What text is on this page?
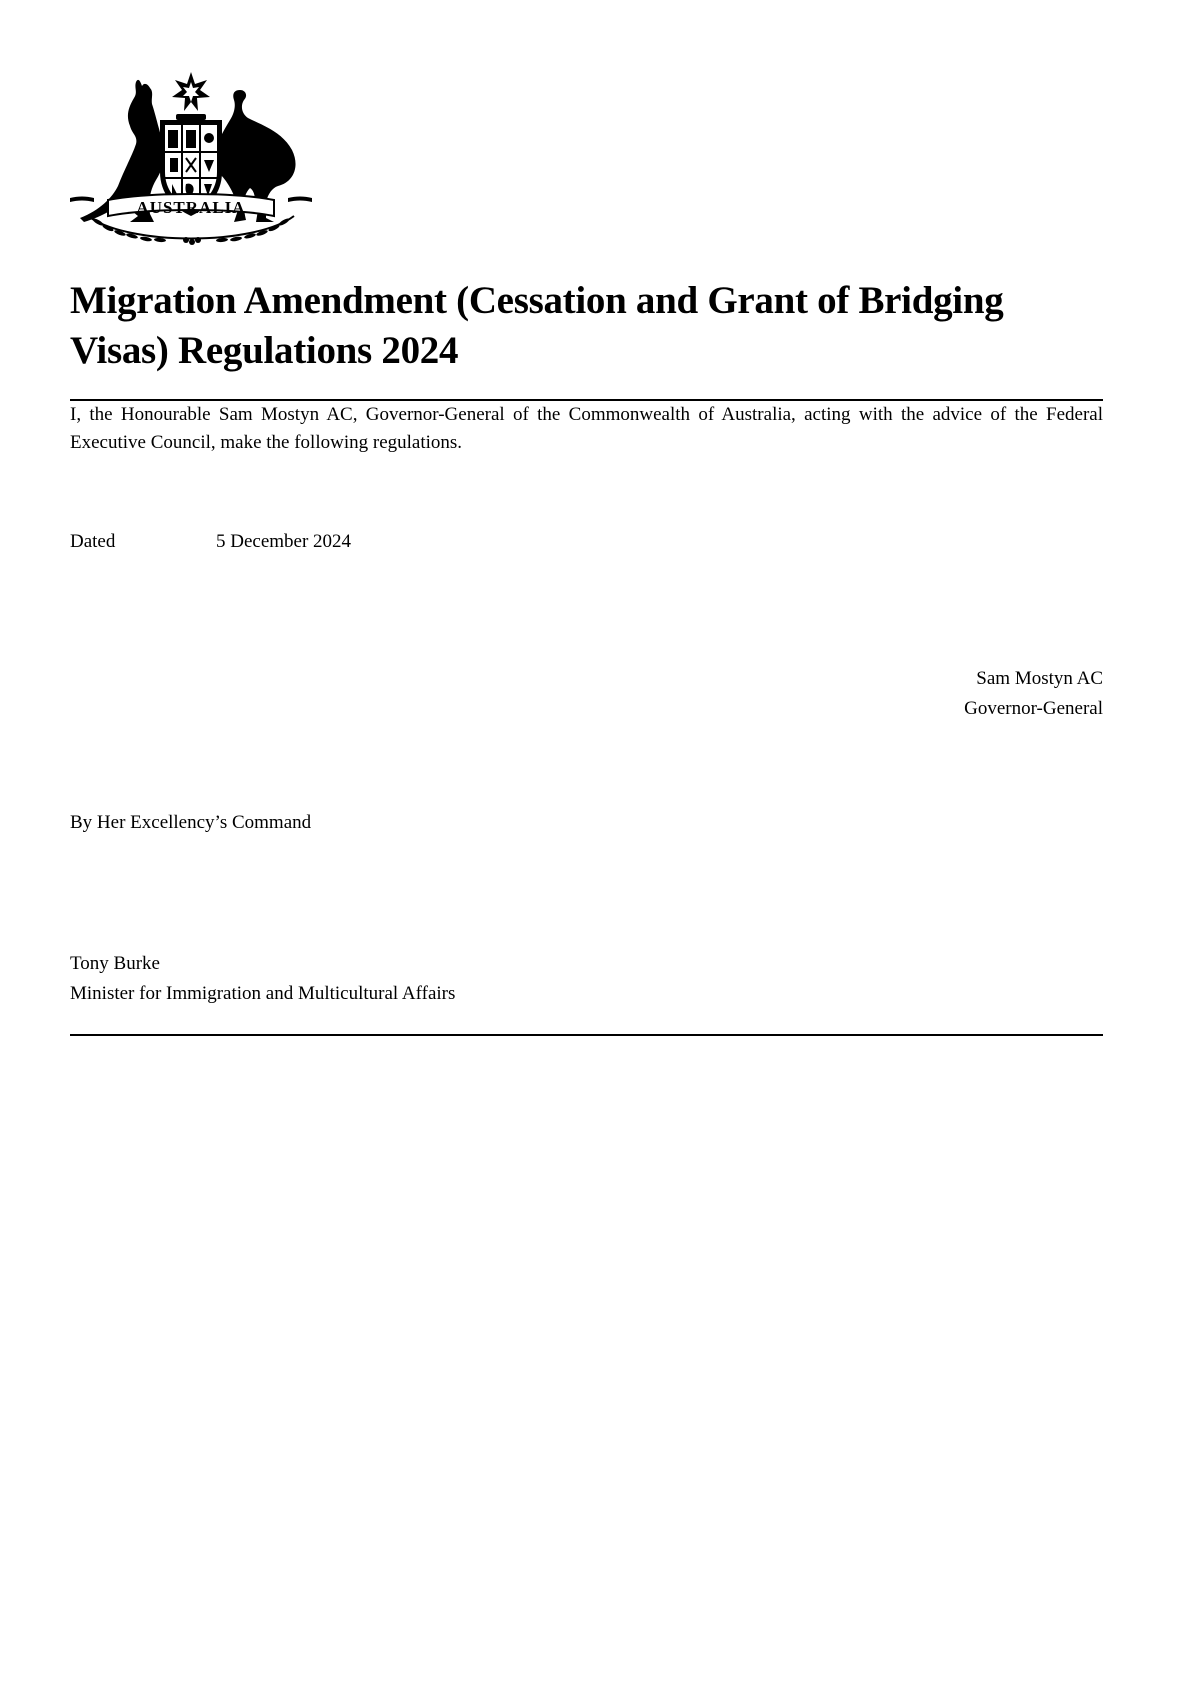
AUSTRALIA
Migration Amendment (Cessation and Grant of Bridging Visas) Regulations 2024

I, the Honourable Sam Mostyn AC, Governor-General of the Commonwealth of Australia, acting with the advice of the Federal Executive Council, make the following regulations.

Dated	5 December 2024
Sam Mostyn AC
Governor-General
By Her Excellency’s Command
Tony Burke
Minister for Immigration and Multicultural Affairs
